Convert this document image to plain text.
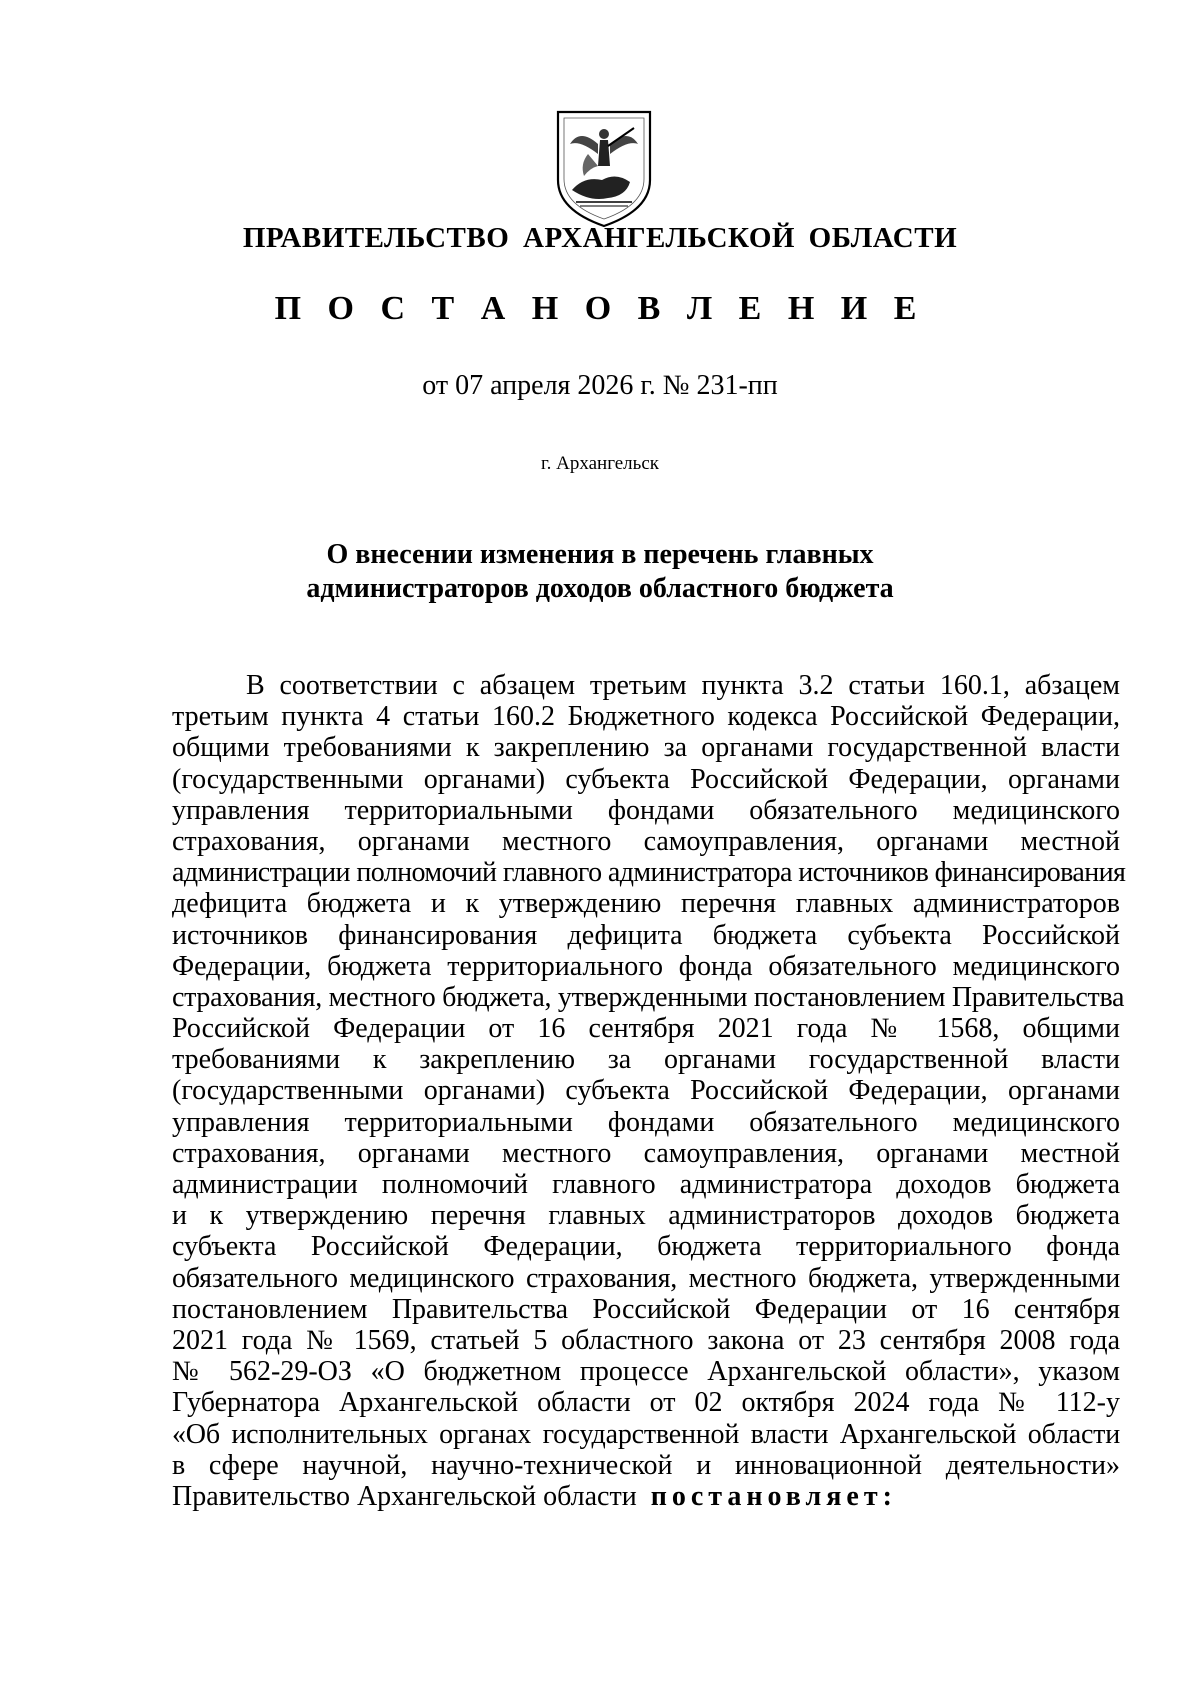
ПРАВИТЕЛЬСТВО АРХАНГЕЛЬСКОЙ ОБЛАСТИ
П О С Т А Н О В Л Е Н И Е
от 07 апреля 2026 г. № 231-пп
г. Архангельск
О внесении изменения в перечень главных
администраторов доходов областного бюджета
В соответствии с абзацем третьим пункта 3.2 статьи 160.1, абзацем
третьим пункта 4 статьи 160.2 Бюджетного кодекса Российской Федерации,
общими требованиями к закреплению за органами государственной власти
(государственными органами) субъекта Российской Федерации, органами
управления территориальными фондами обязательного медицинского
страхования, органами местного самоуправления, органами местной
администрации полномочий главного администратора источников финансирования
дефицита бюджета и к утверждению перечня главных администраторов
источников финансирования дефицита бюджета субъекта Российской
Федерации, бюджета территориального фонда обязательного медицинского
страхования, местного бюджета, утвержденными постановлением Правительства
Российской Федерации от 16 сентября 2021 года № 1568, общими
требованиями к закреплению за органами государственной власти
(государственными органами) субъекта Российской Федерации, органами
управления территориальными фондами обязательного медицинского
страхования, органами местного самоуправления, органами местной
администрации полномочий главного администратора доходов бюджета
и к утверждению перечня главных администраторов доходов бюджета
субъекта Российской Федерации, бюджета территориального фонда
обязательного медицинского страхования, местного бюджета, утвержденными
постановлением Правительства Российской Федерации от 16 сентября
2021 года № 1569, статьей 5 областного закона от 23 сентября 2008 года
№ 562-29-ОЗ «О бюджетном процессе Архангельской области», указом
Губернатора Архангельской области от 02 октября 2024 года № 112-у
«Об исполнительных органах государственной власти Архангельской области
в сфере научной, научно-технической и инновационной деятельности»
Правительство Архангельской области постановляет:
